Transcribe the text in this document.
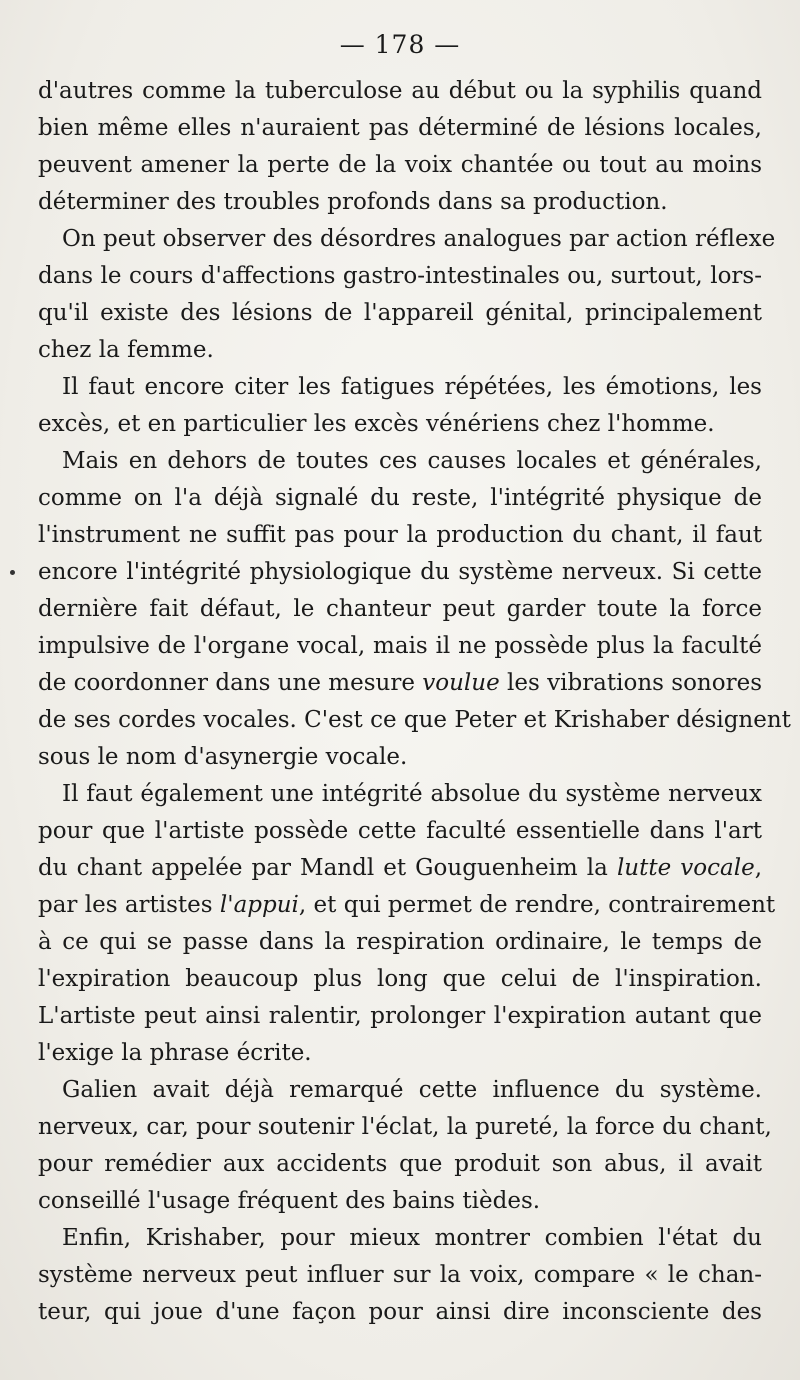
— 178 —
d'autres comme la tuberculose au début ou la syphilis quand
bien même elles n'auraient pas déterminé de lésions locales,
peuvent amener la perte de la voix chantée ou tout au moins
déterminer des troubles profonds dans sa production.
On peut observer des désordres analogues par action réflexe
dans le cours d'affections gastro-intestinales ou, surtout, lors-
qu'il existe des lésions de l'appareil génital, principalement
chez la femme.
Il faut encore citer les fatigues répétées, les émotions, les
excès, et en particulier les excès vénériens chez l'homme.
Mais en dehors de toutes ces causes locales et générales,
comme on l'a déjà signalé du reste, l'intégrité physique de
l'instrument ne suffit pas pour la production du chant, il faut
encore l'intégrité physiologique du système nerveux. Si cette
dernière fait défaut, le chanteur peut garder toute la force
impulsive de l'organe vocal, mais il ne possède plus la faculté
de coordonner dans une mesure voulue les vibrations sonores
de ses cordes vocales. C'est ce que Peter et Krishaber désignent
sous le nom d'asynergie vocale.
Il faut également une intégrité absolue du système nerveux
pour que l'artiste possède cette faculté essentielle dans l'art
du chant appelée par Mandl et Gouguenheim la lutte vocale,
par les artistes l'appui, et qui permet de rendre, contrairement
à ce qui se passe dans la respiration ordinaire, le temps de
l'expiration beaucoup plus long que celui de l'inspiration.
L'artiste peut ainsi ralentir, prolonger l'expiration autant que
l'exige la phrase écrite.
Galien avait déjà remarqué cette influence du système.
nerveux, car, pour soutenir l'éclat, la pureté, la force du chant,
pour remédier aux accidents que produit son abus, il avait
conseillé l'usage fréquent des bains tièdes.
Enfin, Krishaber, pour mieux montrer combien l'état du
système nerveux peut influer sur la voix, compare « le chan-
teur, qui joue d'une façon pour ainsi dire inconsciente des
